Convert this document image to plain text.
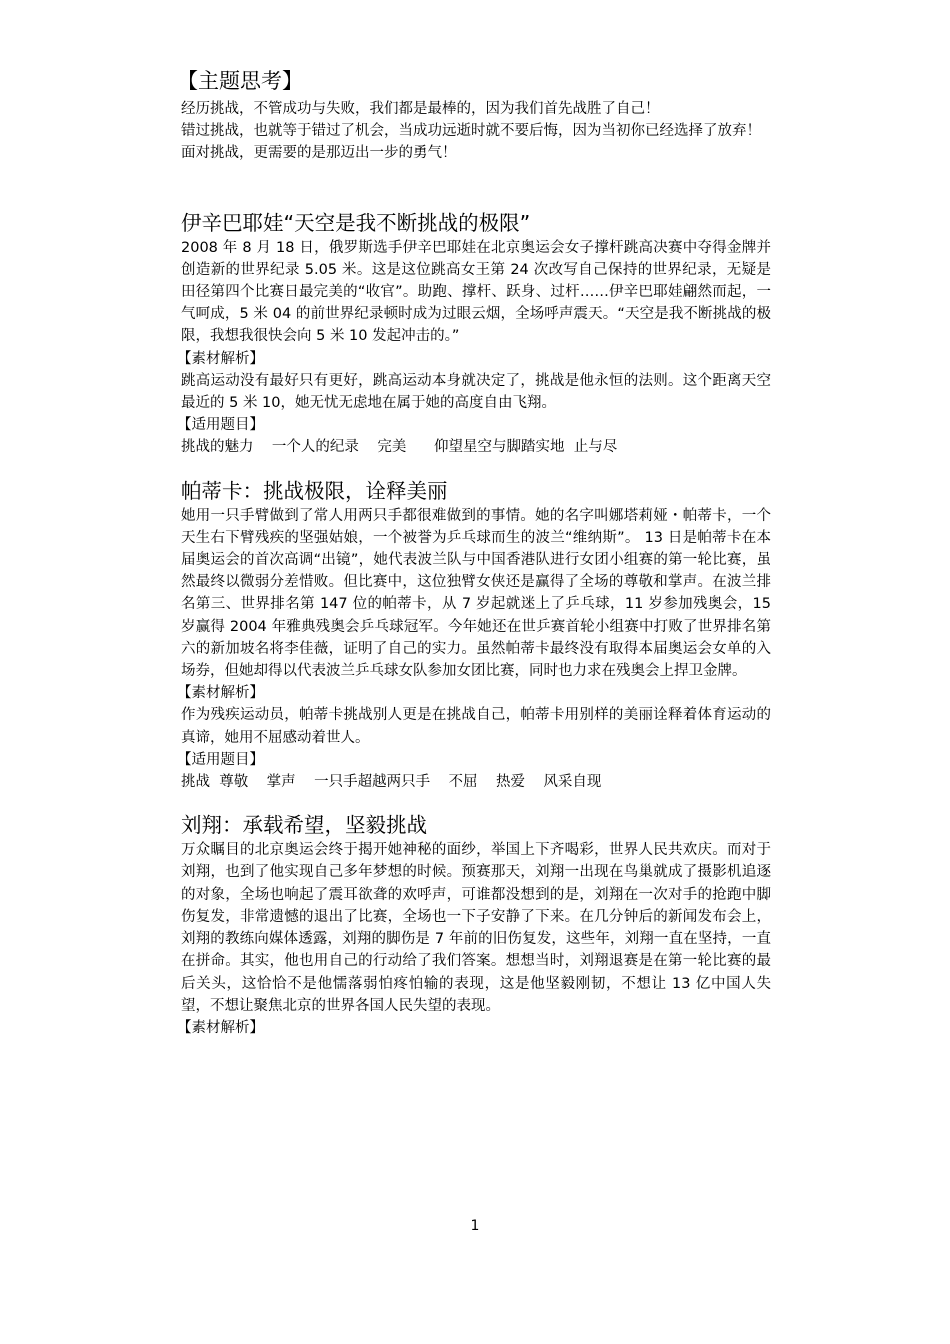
【主题思考】

经历挑战，不管成功与失败，我们都是最棒的，因为我们首先战胜了自己！

错过挑战，也就等于错过了机会，当成功远逝时就不要后悔，因为当初你已经选择了放弃！

面对挑战，更需要的是那迈出一步的勇气！

伊辛巴耶娃“天空是我不断挑战的极限”

2008 年 8 月 18 日，俄罗斯选手伊辛巴耶娃在北京奥运会女子撑杆跳高决赛中夺得金牌并创造新的世界纪录 5.05 米。这是这位跳高女王第 24 次改写自己保持的世界纪录，无疑是田径第四个比赛日最完美的“收官”。助跑、撑杆、跃身、过杆……伊辛巴耶娃翩然而起，一气呵成，5 米 04 的前世界纪录顿时成为过眼云烟，全场呼声震天。“天空是我不断挑战的极限，我想我很快会向 5 米 10 发起冲击的。”

【素材解析】

跳高运动没有最好只有更好，跳高运动本身就决定了，挑战是他永恒的法则。这个距离天空最近的 5 米 10，她无忧无虑地在属于她的高度自由飞翔。

【适用题目】

挑战的魅力    一个人的纪录    完美      仰望星空与脚踏实地  止与尽

帕蒂卡：挑战极限，诠释美丽

她用一只手臂做到了常人用两只手都很难做到的事情。她的名字叫娜塔莉娅・帕蒂卡，一个天生右下臂残疾的坚强姑娘，一个被誉为乒乓球而生的波兰“维纳斯”。 13 日是帕蒂卡在本届奥运会的首次高调“出镜”，她代表波兰队与中国香港队进行女团小组赛的第一轮比赛，虽然最终以微弱分差惜败。但比赛中，这位独臂女侠还是赢得了全场的尊敬和掌声。在波兰排名第三、世界排名第 147 位的帕蒂卡，从 7 岁起就迷上了乒乓球，11 岁参加残奥会，15 岁赢得 2004 年雅典残奥会乒乓球冠军。今年她还在世乒赛首轮小组赛中打败了世界排名第六的新加坡名将李佳薇，证明了自己的实力。虽然帕蒂卡最终没有取得本届奥运会女单的入场券，但她却得以代表波兰乒乓球女队参加女团比赛，同时也力求在残奥会上捍卫金牌。

【素材解析】

作为残疾运动员，帕蒂卡挑战别人更是在挑战自己，帕蒂卡用别样的美丽诠释着体育运动的真谛，她用不屈感动着世人。

【适用题目】

挑战  尊敬    掌声    一只手超越两只手    不屈    热爱    风采自现

刘翔：承载希望，坚毅挑战

万众瞩目的北京奥运会终于揭开她神秘的面纱，举国上下齐喝彩，世界人民共欢庆。而对于刘翔，也到了他实现自己多年梦想的时候。预赛那天，刘翔一出现在鸟巢就成了摄影机追逐的对象，全场也响起了震耳欲聋的欢呼声，可谁都没想到的是，刘翔在一次对手的抢跑中脚伤复发，非常遗憾的退出了比赛，全场也一下子安静了下来。在几分钟后的新闻发布会上，刘翔的教练向媒体透露，刘翔的脚伤是 7 年前的旧伤复发，这些年，刘翔一直在坚持，一直在拼命。其实，他也用自己的行动给了我们答案。想想当时，刘翔退赛是在第一轮比赛的最后关头，这恰恰不是他懦落弱怕疼怕输的表现，这是他坚毅刚韧，不想让 13 亿中国人失望，不想让聚焦北京的世界各国人民失望的表现。

【素材解析】
1
